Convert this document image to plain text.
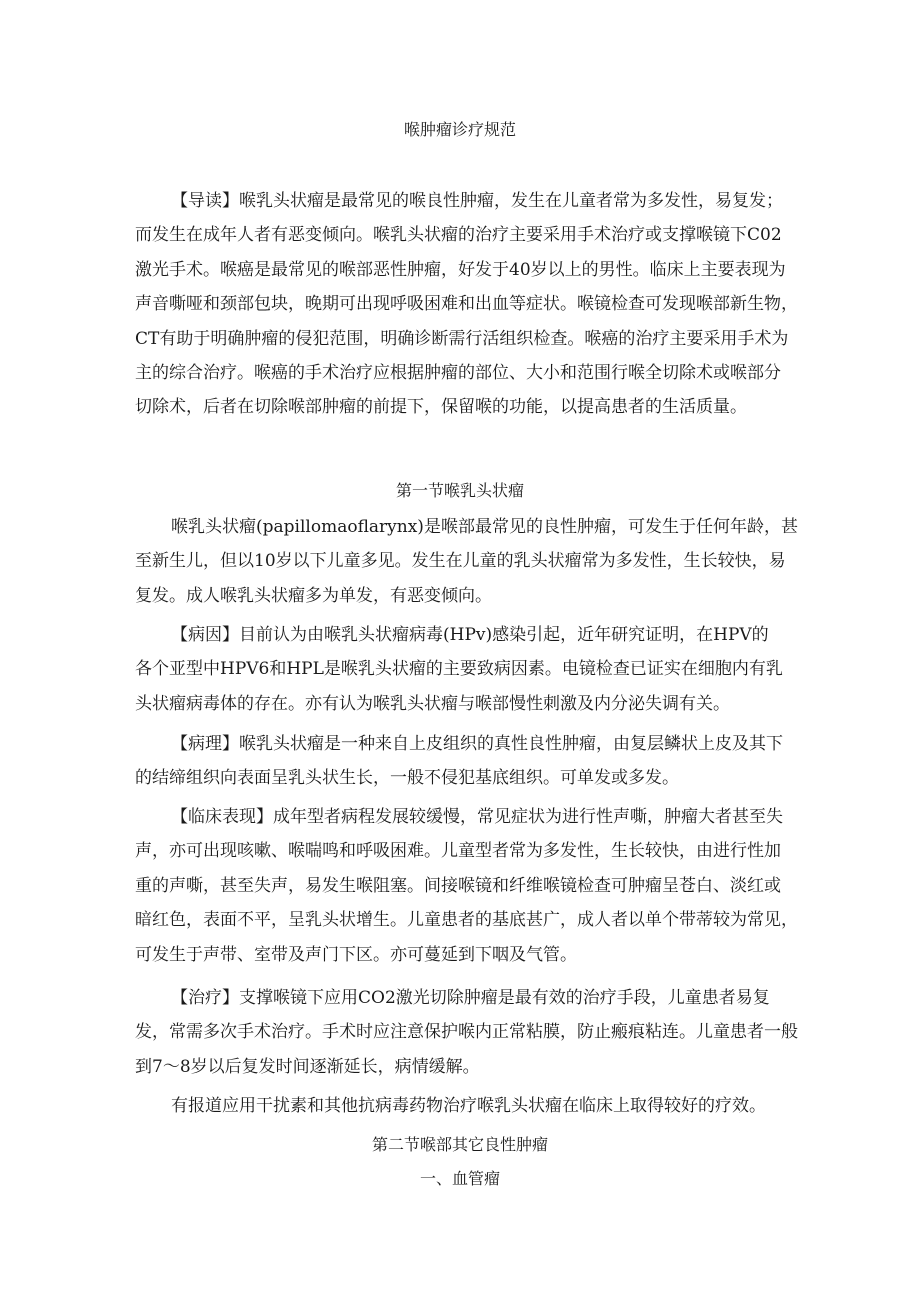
喉肿瘤诊疗规范
【导读】喉乳头状瘤是最常见的喉良性肿瘤，发生在儿童者常为多发性，易复发；
而发生在成年人者有恶变倾向。喉乳头状瘤的治疗主要采用手术治疗或支撑喉镜下C02
激光手术。喉癌是最常见的喉部恶性肿瘤，好发于40岁以上的男性。临床上主要表现为
声音嘶哑和颈部包块，晚期可出现呼吸困难和出血等症状。喉镜检查可发现喉部新生物，
CT有助于明确肿瘤的侵犯范围，明确诊断需行活组织检查。喉癌的治疗主要采用手术为
主的综合治疗。喉癌的手术治疗应根据肿瘤的部位、大小和范围行喉全切除术或喉部分
切除术，后者在切除喉部肿瘤的前提下，保留喉的功能，以提高患者的生活质量。
第一节喉乳头状瘤
喉乳头状瘤(papillomaoflarynx)是喉部最常见的良性肿瘤，可发生于任何年龄，甚
至新生儿，但以10岁以下儿童多见。发生在儿童的乳头状瘤常为多发性，生长较快，易
复发。成人喉乳头状瘤多为单发，有恶变倾向。
【病因】目前认为由喉乳头状瘤病毒(HPv)感染引起，近年研究证明，在HPV的
各个亚型中HPV6和HPL是喉乳头状瘤的主要致病因素。电镜检查已证实在细胞内有乳
头状瘤病毒体的存在。亦有认为喉乳头状瘤与喉部慢性刺激及内分泌失调有关。
【病理】喉乳头状瘤是一种来自上皮组织的真性良性肿瘤，由复层鳞状上皮及其下
的结缔组织向表面呈乳头状生长，一般不侵犯基底组织。可单发或多发。
【临床表现】成年型者病程发展较缓慢，常见症状为进行性声嘶，肿瘤大者甚至失
声，亦可出现咳嗽、喉喘鸣和呼吸困难。儿童型者常为多发性，生长较快，由进行性加
重的声嘶，甚至失声，易发生喉阻塞。间接喉镜和纤维喉镜检查可肿瘤呈苍白、淡红或
暗红色，表面不平，呈乳头状增生。儿童患者的基底甚广，成人者以单个带蒂较为常见，
可发生于声带、室带及声门下区。亦可蔓延到下咽及气管。
【治疗】支撑喉镜下应用CO2激光切除肿瘤是最有效的治疗手段，儿童患者易复
发，常需多次手术治疗。手术时应注意保护喉内正常粘膜，防止瘢痕粘连。儿童患者一般
到7～8岁以后复发时间逐渐延长，病情缓解。
有报道应用干扰素和其他抗病毒药物治疗喉乳头状瘤在临床上取得较好的疗效。
第二节喉部其它良性肿瘤
一、血管瘤
